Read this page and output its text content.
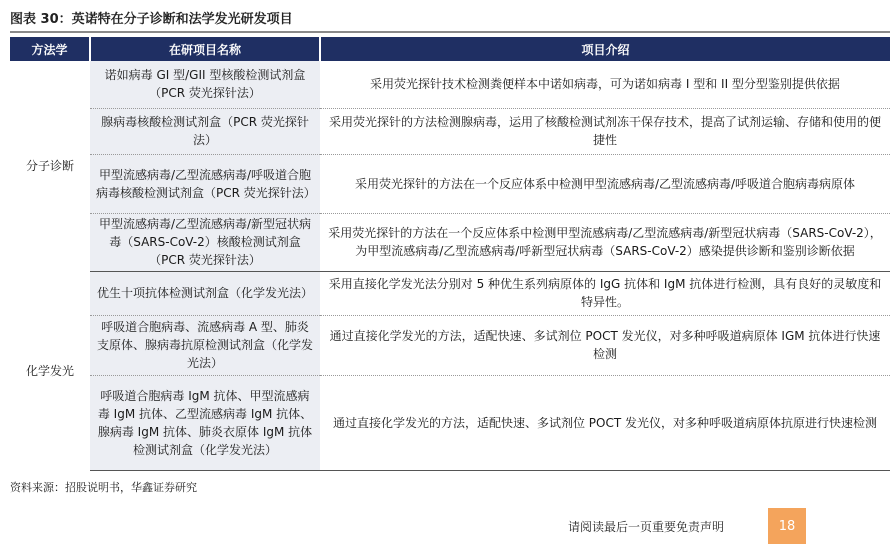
图表 30：英诺特在分子诊断和法学发光研发项目
方法学	在研项目名称	项目介绍
分子诊断	诺如病毒 GI 型/GII 型核酸检测试剂盒（PCR 荧光探针法）	采用荧光探针技术检测粪便样本中诺如病毒，可为诺如病毒 I 型和 II 型分型鉴别提供依据
	腺病毒核酸检测试剂盒（PCR 荧光探针法）	采用荧光探针的方法检测腺病毒，运用了核酸检测试剂冻干保存技术，提高了试剂运输、存储和使用的便捷性
	甲型流感病毒/乙型流感病毒/呼吸道合胞病毒核酸检测试剂盒（PCR 荧光探针法）	采用荧光探针的方法在一个反应体系中检测甲型流感病毒/乙型流感病毒/呼吸道合胞病毒病原体
	甲型流感病毒/乙型流感病毒/新型冠状病毒（SARS-CoV-2）核酸检测试剂盒（PCR 荧光探针法）	采用荧光探针的方法在一个反应体系中检测甲型流感病毒/乙型流感病毒/新型冠状病毒（SARS-CoV-2），为甲型流感病毒/乙型流感病毒/呼新型冠状病毒（SARS-CoV-2）感染提供诊断和鉴别诊断依据
化学发光	优生十项抗体检测试剂盒（化学发光法）	采用直接化学发光法分别对 5 种优生系列病原体的 IgG 抗体和 IgM 抗体进行检测，具有良好的灵敏度和特异性。
	呼吸道合胞病毒、流感病毒 A 型、肺炎支原体、腺病毒抗原检测试剂盒（化学发光法）	通过直接化学发光的方法，适配快速、多试剂位 POCT 发光仪，对多种呼吸道病原体 IGM 抗体进行快速检测
	呼吸道合胞病毒 IgM 抗体、甲型流感病毒 IgM 抗体、乙型流感病毒 IgM 抗体、腺病毒 IgM 抗体、肺炎衣原体 IgM 抗体检测试剂盒（化学发光法）	通过直接化学发光的方法，适配快速、多试剂位 POCT 发光仪，对多种呼吸道病原体抗原进行快速检测
资料来源：招股说明书，华鑫证券研究
请阅读最后一页重要免责声明	18
